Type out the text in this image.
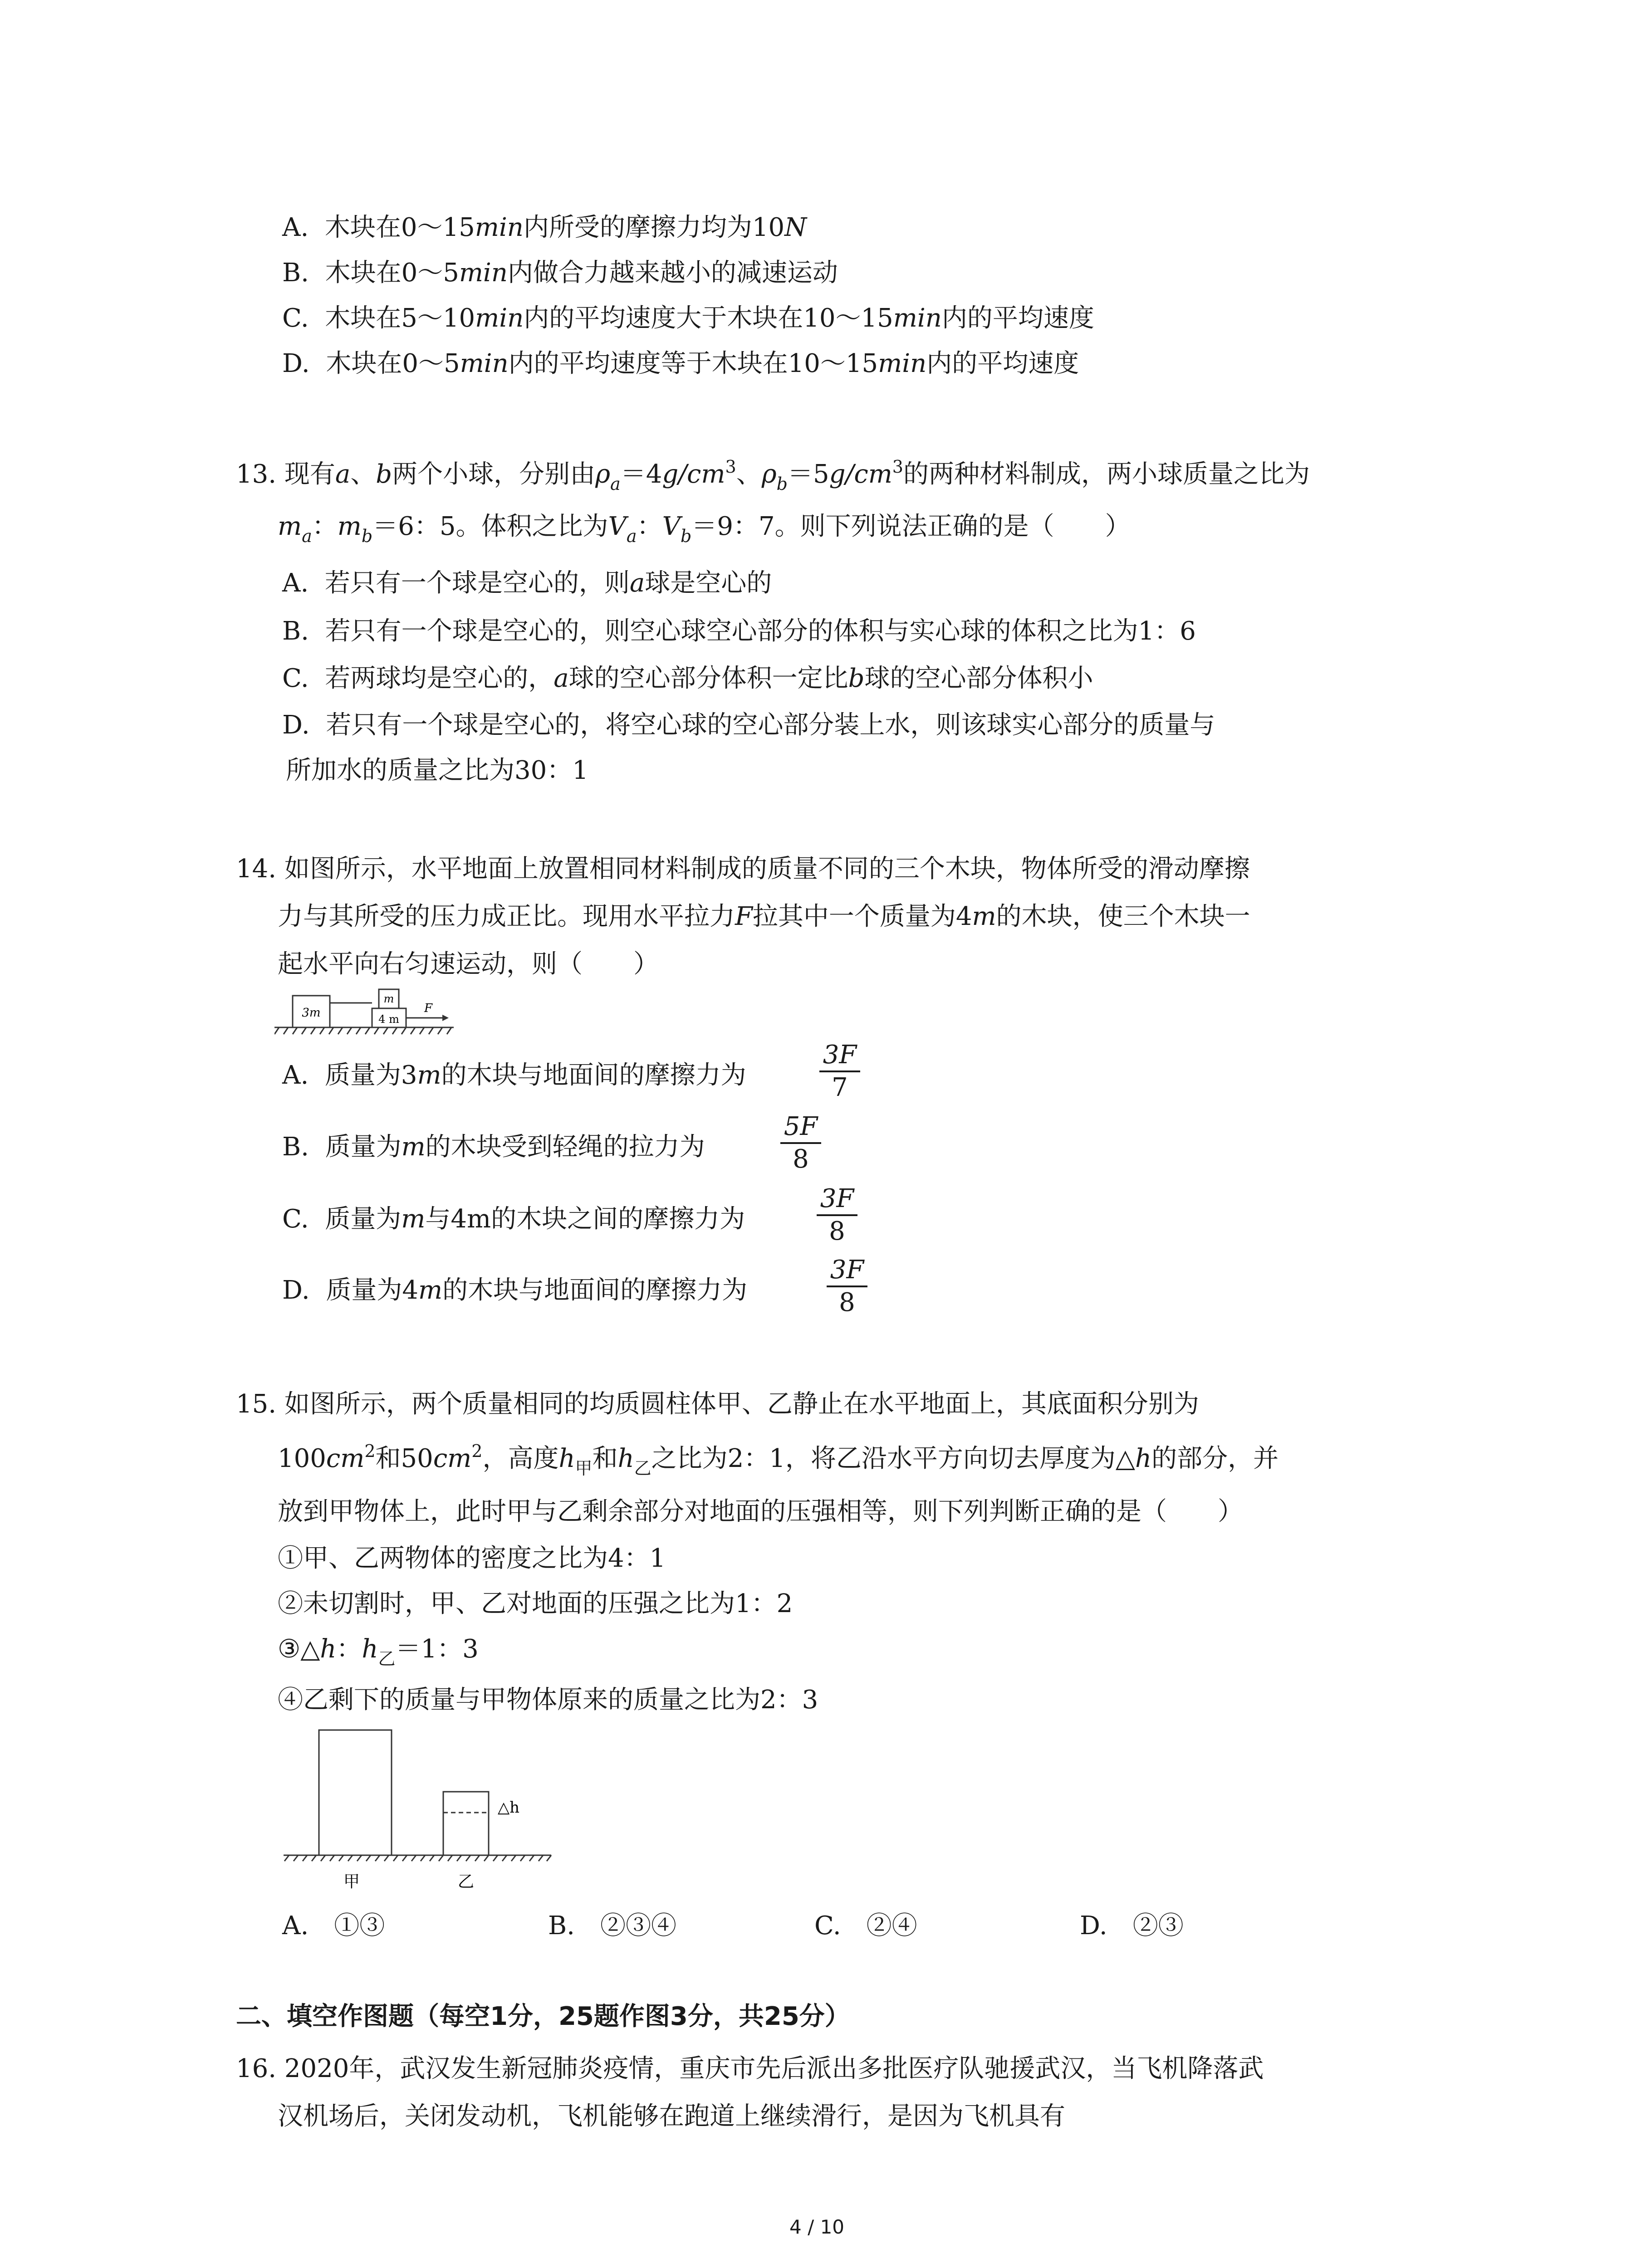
A. 木块在0～15min内所受的摩擦力均为10N
B. 木块在0～5min内做合力越来越小的减速运动
C. 木块在5～10min内的平均速度大于木块在10～15min内的平均速度
D. 木块在0～5min内的平均速度等于木块在10～15min内的平均速度
13. 现有a、b两个小球，分别由$\rho_a=4g/cm^3$、$\rho_b=5g/cm^3$的两种材料制成，两小球质量之比为
$m_a$：$m_b=6$：5。体积之比为$V_a$：$V_b=9$：7。则下列说法正确的是（　　）
A.  若只有一个球是空心的，则a球是空心的
B.  若只有一个球是空心的，则空心球空心部分的体积与实心球的体积之比为1：6
C.  若两球均是空心的，a球的空心部分体积一定比b球的空心部分体积小
D.  若只有一个球是空心的，将空心球的空心部分装上水，则该球实心部分的质量与
所加水的质量之比为30：1
14. 如图所示，水平地面上放置相同材料制成的质量不同的三个木块，物体所受的滑动摩擦
力与其所受的压力成正比。现用水平拉力F拉其中一个质量为4m的木块，使三个木块一
起水平向右匀速运动，则（　　）
3m	4 m
m
F
A. 质量为3m的木块与地面间的摩擦力为
3F
7
B. 质量为m的木块受到轻绳的拉力为
5F
8
C. 质量为m与4m的木块之间的摩擦力为
3F
8
D. 质量为4m的木块与地面间的摩擦力为
3F
8
15. 如图所示，两个质量相同的均质圆柱体甲、乙静止在水平地面上，其底面积分别为
$100cm^2$和$50cm^2$，高度$h_甲$和$h_乙$之比为2：1，将乙沿水平方向切去厚度为△h的部分，并
放到甲物体上，此时甲与乙剩余部分对地面的压强相等，则下列判断正确的是（　　）
①甲、乙两物体的密度之比为4：1
②未切割时，甲、乙对地面的压强之比为1：2
③△h：$h_乙=1$：3
④乙剩下的质量与甲物体原来的质量之比为2：3
△h
甲	乙
A.　①③	B.　②③④	C.　②④	D.　②③
二、填空作图题（每空1分，25题作图3分，共25分）
16. 2020年，武汉发生新冠肺炎疫情，重庆市先后派出多批医疗队驰援武汉，当飞机降落武
汉机场后，关闭发动机，飞机能够在跑道上继续滑行，是因为飞机具有
4 / 10
